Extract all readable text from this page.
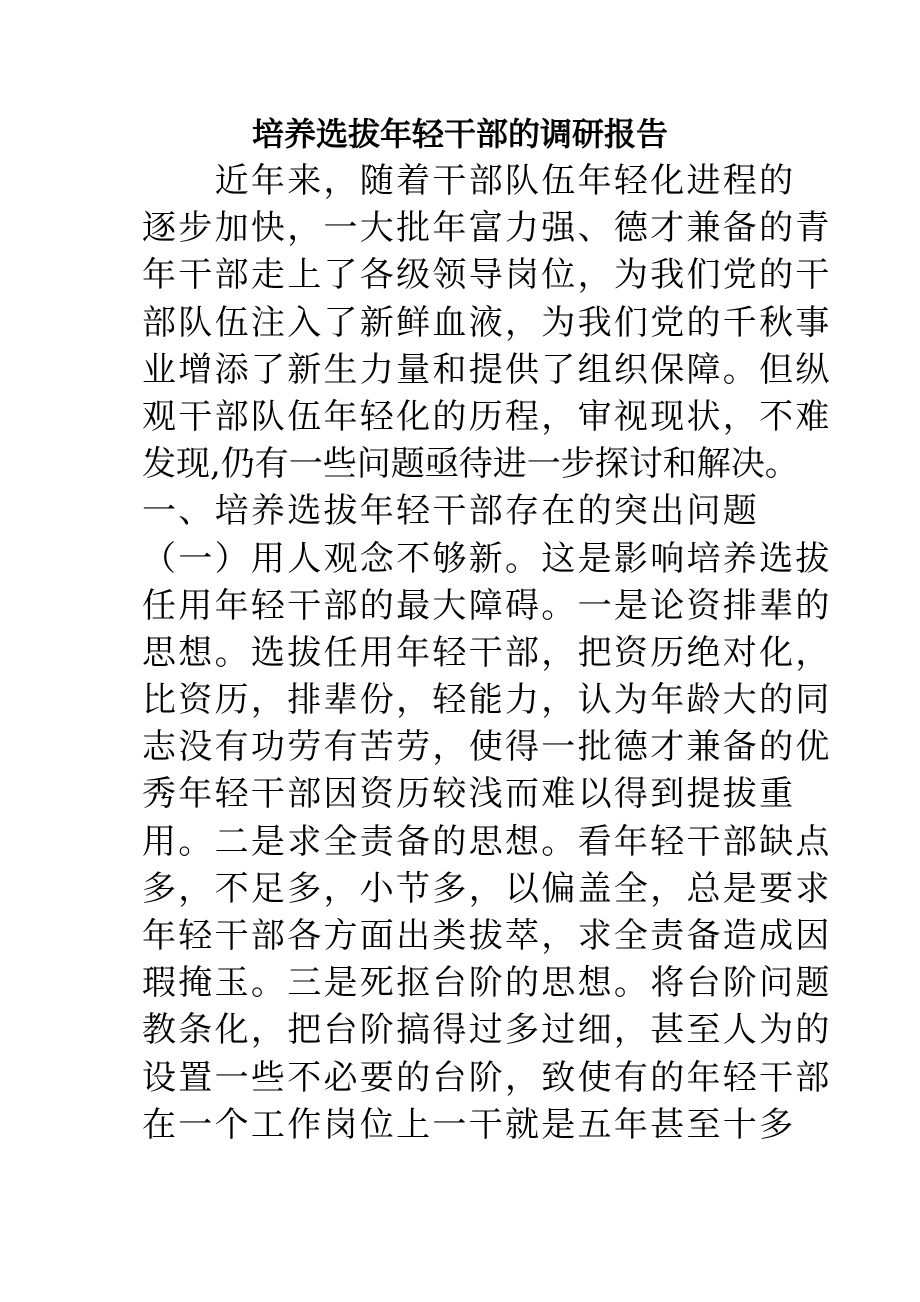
培养选拔年轻干部的调研报告
　　近年来，随着干部队伍年轻化进程的
逐步加快，一大批年富力强、德才兼备的青
年干部走上了各级领导岗位，为我们党的干
部队伍注入了新鲜血液，为我们党的千秋事
业增添了新生力量和提供了组织保障。但纵
观干部队伍年轻化的历程，审视现状，不难
发现,仍有一些问题亟待进一步探讨和解决。
一、培养选拔年轻干部存在的突出问题
（一）用人观念不够新。这是影响培养选拔
任用年轻干部的最大障碍。一是论资排辈的
思想。选拔任用年轻干部，把资历绝对化，
比资历，排辈份，轻能力，认为年龄大的同
志没有功劳有苦劳，使得一批德才兼备的优
秀年轻干部因资历较浅而难以得到提拔重
用。二是求全责备的思想。看年轻干部缺点
多，不足多，小节多，以偏盖全，总是要求
年轻干部各方面出类拔萃，求全责备造成因
瑕掩玉。三是死抠台阶的思想。将台阶问题
教条化，把台阶搞得过多过细，甚至人为的
设置一些不必要的台阶，致使有的年轻干部
在一个工作岗位上一干就是五年甚至十多
